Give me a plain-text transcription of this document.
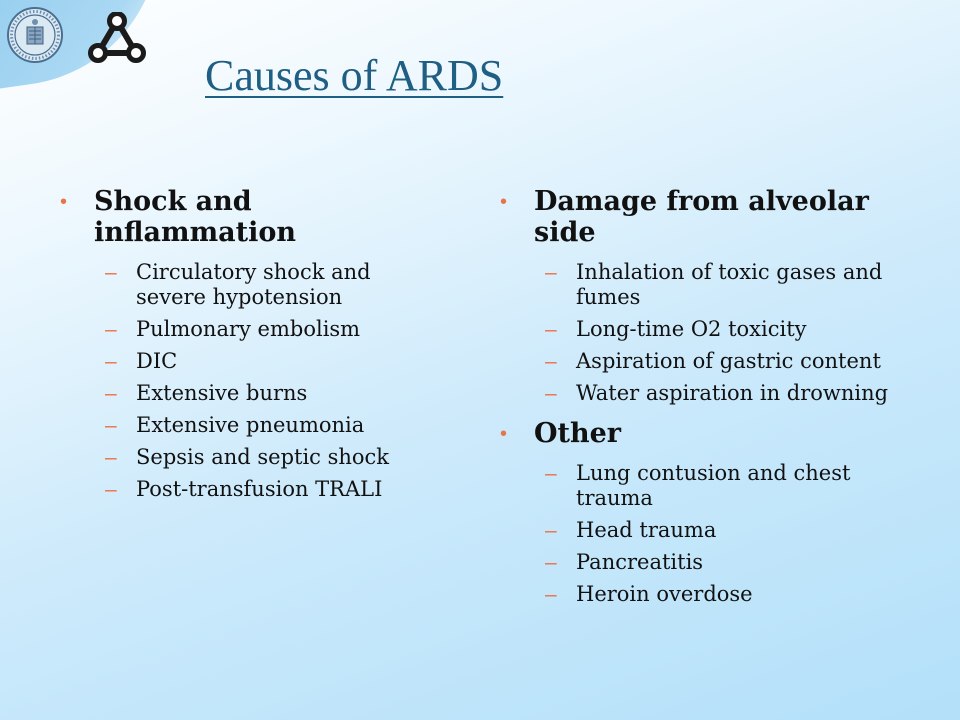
Causes of ARDS
• Shock and inflammation
– Circulatory shock and severe hypotension
– Pulmonary embolism
– DIC
– Extensive burns
– Extensive pneumonia
– Sepsis and septic shock
– Post-transfusion TRALI
• Damage from alveolar side
– Inhalation of toxic gases and fumes
– Long-time O2 toxicity
– Aspiration of gastric content
– Water aspiration in drowning
• Other
– Lung contusion and chest trauma
– Head trauma
– Pancreatitis
– Heroin overdose
